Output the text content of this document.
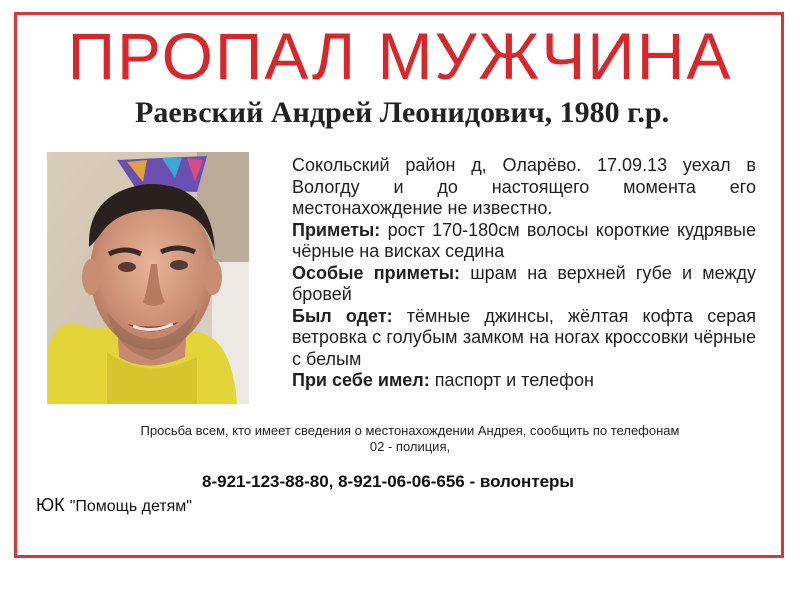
ПРОПАЛ МУЖЧИНА
Раевский Андрей Леонидович, 1980 г.р.

Сокольский район д, Оларёво. 17.09.13 уехал в Вологду и до настоящего момента его местонахождение не известно.

Приметы: рост 170-180см волосы короткие кудрявые чёрные на висках седина

Особые приметы: шрам на верхней губе и между бровей

Был одет: тёмные джинсы, жёлтая кофта серая ветровка с голубым замком на ногах кроссовки чёрные с белым

При себе имел: паспорт и телефон

Просьба всем, кто имеет сведения о местонахождении Андрея, сообщить по телефонам
02 - полиция,
8-921-123-88-80, 8-921-06-06-656 - волонтеры
ЮК "Помощь детям"
